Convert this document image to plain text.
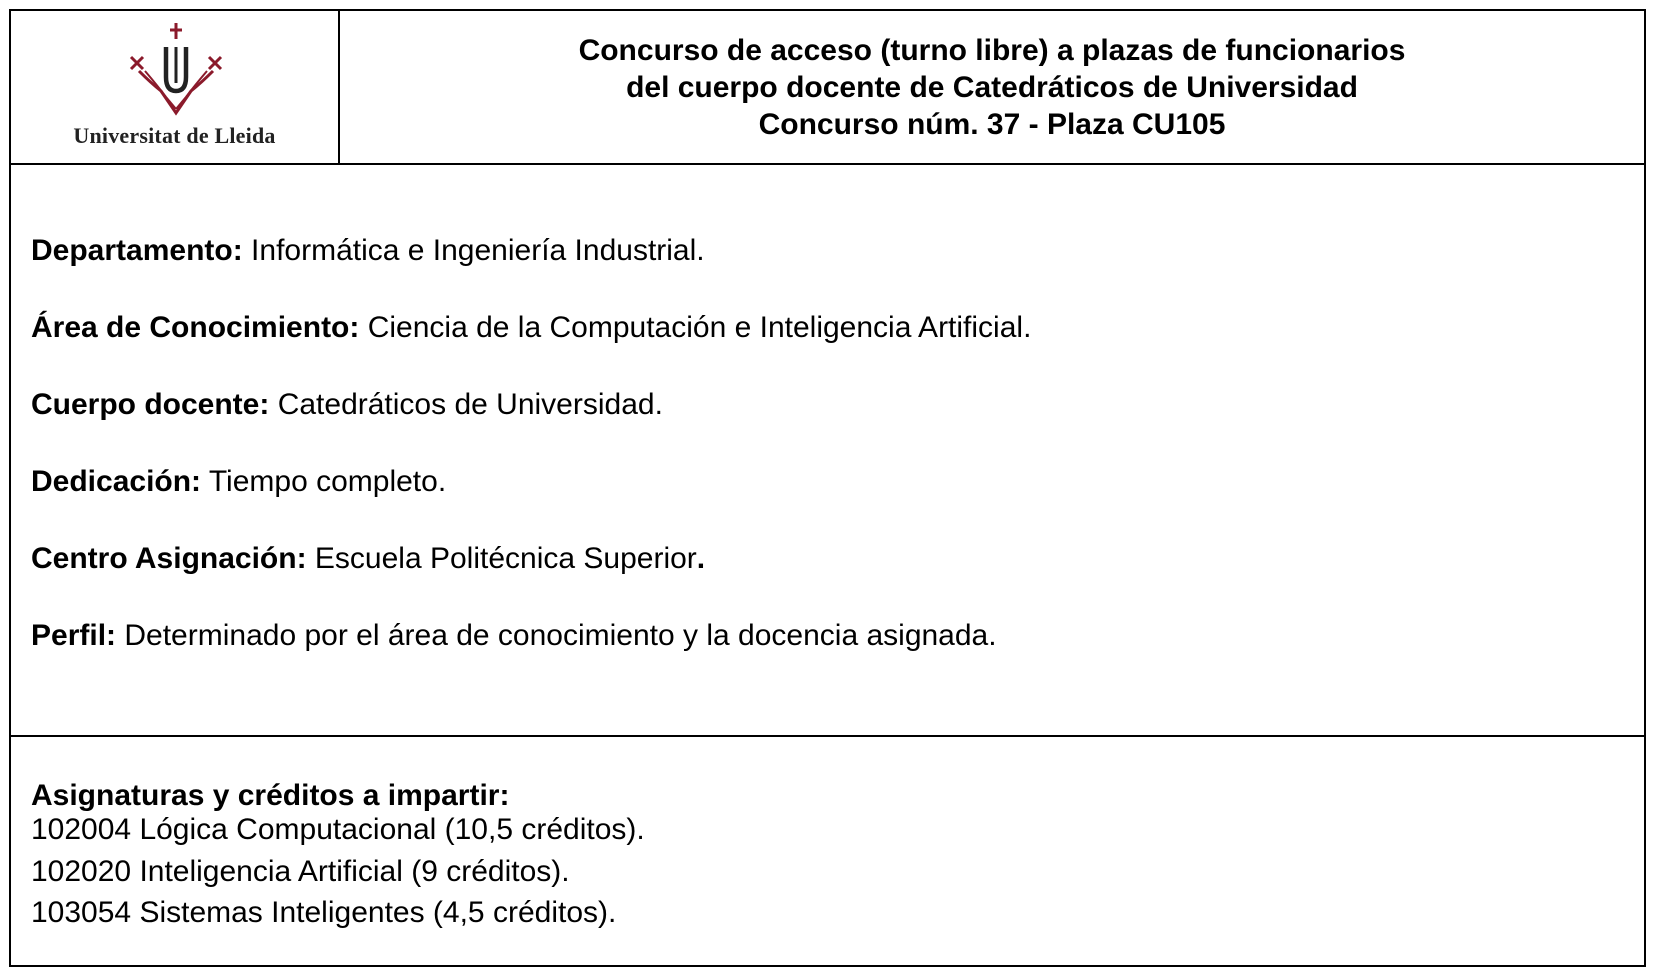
Universitat de Lleida
Concurso de acceso (turno libre) a plazas de funcionarios
del cuerpo docente de Catedráticos de Universidad
Concurso núm. 37 - Plaza CU105
Departamento: Informática e Ingeniería Industrial.
Área de Conocimiento: Ciencia de la Computación e Inteligencia Artificial.
Cuerpo docente: Catedráticos de Universidad.
Dedicación: Tiempo completo.
Centro Asignación: Escuela Politécnica Superior.
Perfil: Determinado por el área de conocimiento y la docencia asignada.
Asignaturas y créditos a impartir:
102004 Lógica Computacional (10,5 créditos).
102020 Inteligencia Artificial (9 créditos).
103054 Sistemas Inteligentes (4,5 créditos).
